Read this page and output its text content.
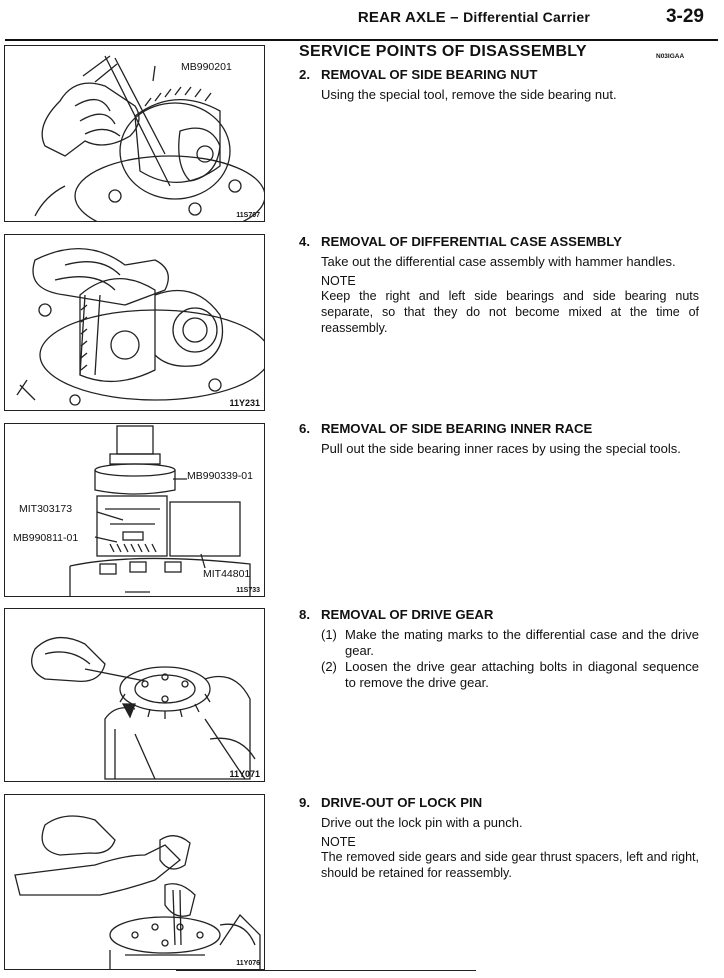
REAR AXLE – Differential Carrier	3-29
MB990201
11S707
11Y231
MB990339-01
MIT303173
MB990811-01
MIT44801
11S733
11Y071
11Y076
SERVICE POINTS OF DISASSEMBLY	N03IGAA
2. REMOVAL OF SIDE BEARING NUT
Using the special tool, remove the side bearing nut.
4. REMOVAL OF DIFFERENTIAL CASE ASSEMBLY
Take out the differential case assembly with hammer handles.
NOTE
Keep the right and left side bearings and side bearing nuts separate, so that they do not become mixed at the time of reassembly.
6. REMOVAL OF SIDE BEARING INNER RACE
Pull out the side bearing inner races by using the special tools.
8. REMOVAL OF DRIVE GEAR
(1) Make the mating marks to the differential case and the drive gear.
(2) Loosen the drive gear attaching bolts in diagonal sequence to remove the drive gear.
9. DRIVE-OUT OF LOCK PIN
Drive out the lock pin with a punch.
NOTE
The removed side gears and side gear thrust spacers, left and right, should be retained for reassembly.
